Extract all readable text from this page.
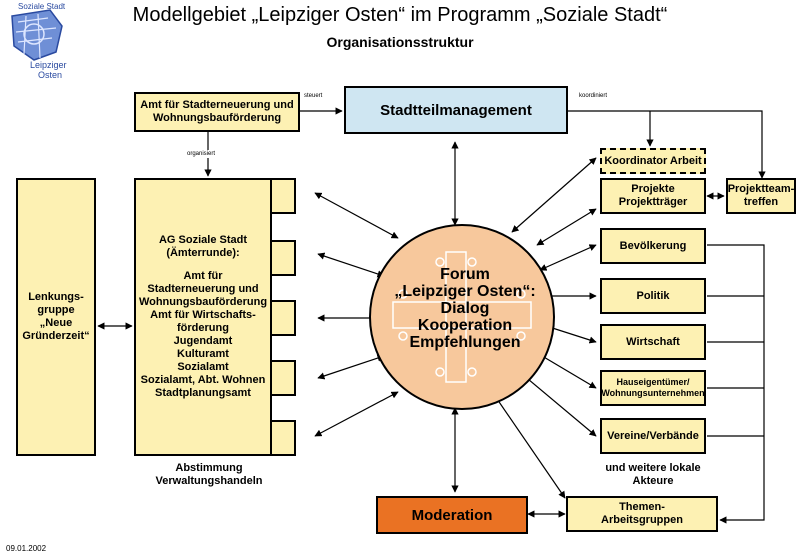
Soziale Stadt
Leipziger
Osten
Modellgebiet „Leipziger Osten“ im Programm „Soziale Stadt“
Organisationsstruktur
Forum
„Leipziger Osten“:
Dialog
Kooperation
Empfehlungen
steuert	koordiniert
organisiert
Amt für Stadterneuerung und Wohnungsbauförderung	Stadtteilmanagement
Lenkungs-gruppe „Neue Gründerzeit“
AG Soziale Stadt
(Ämterrunde):
Amt für
Stadterneuerung und
Wohnungsbauförderung
Amt für Wirtschafts-
förderung
Jugendamt
Kulturamt
Sozialamt
Sozialamt, Abt. Wohnen
Stadtplanungsamt
Abstimmung Verwaltungshandeln
Koordinator Arbeit
Projekte Projektträger
Projektteam-treffen
Bevölkerung
Politik
Wirtschaft
Hauseigentümer/ Wohnungsunternehmen
Vereine/Verbände
und weitere lokale Akteure
Themen-Arbeitsgruppen
Moderation
09.01.2002
